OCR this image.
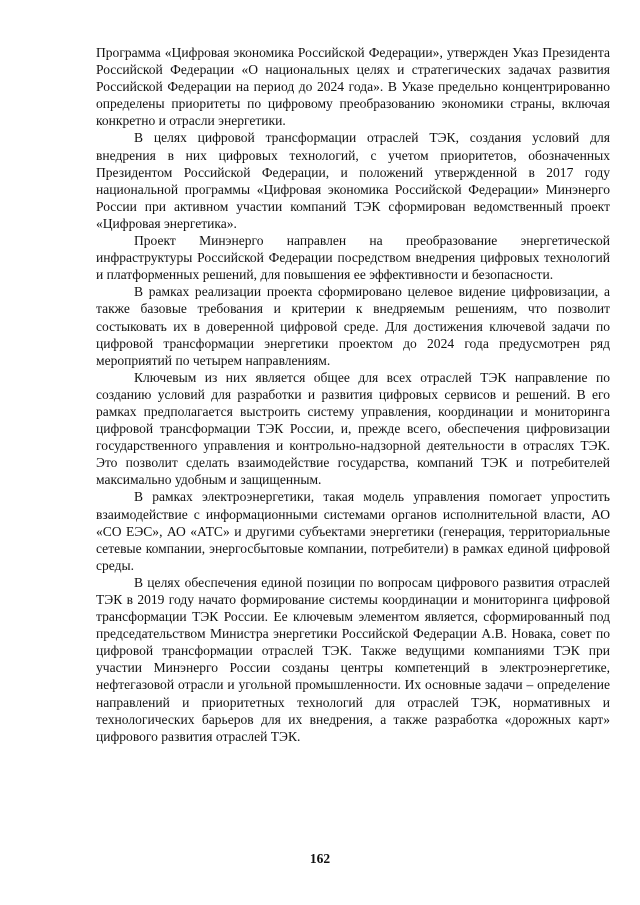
Программа «Цифровая экономика Российской Федерации», утвержден Указ Президента Российской Федерации «О национальных целях и стратегических задачах развития Российской Федерации на период до 2024 года». В Указе предельно концентрированно определены приоритеты по цифровому преобразованию экономики страны, включая конкретно и отрасли энергетики.

В целях цифровой трансформации отраслей ТЭК, создания условий для внедрения в них цифровых технологий, с учетом приоритетов, обозначенных Президентом Российской Федерации, и положений утвержденной в 2017 году национальной программы «Цифровая экономика Российской Федерации» Минэнерго России при активном участии компаний ТЭК сформирован ведомственный проект «Цифровая энергетика».

Проект Минэнерго направлен на преобразование энергетической инфраструктуры Российской Федерации посредством внедрения цифровых технологий и платформенных решений, для повышения ее эффективности и безопасности.

В рамках реализации проекта сформировано целевое видение цифровизации, а также базовые требования и критерии к внедряемым решениям, что позволит состыковать их в доверенной цифровой среде. Для достижения ключевой задачи по цифровой трансформации энергетики проектом до 2024 года предусмотрен ряд мероприятий по четырем направлениям.

Ключевым из них является общее для всех отраслей ТЭК направление по созданию условий для разработки и развития цифровых сервисов и решений. В его рамках предполагается выстроить систему управления, координации и мониторинга цифровой трансформации ТЭК России, и, прежде всего, обеспечения цифровизации государственного управления и контрольно-надзорной деятельности в отраслях ТЭК. Это позволит сделать взаимодействие государства, компаний ТЭК и потребителей максимально удобным и защищенным.

В рамках электроэнергетики, такая модель управления помогает упростить взаимодействие с информационными системами органов исполнительной власти, АО «СО ЕЭС», АО «АТС» и другими субъектами энергетики (генерация, территориальные сетевые компании, энергосбытовые компании, потребители) в рамках единой цифровой среды.

В целях обеспечения единой позиции по вопросам цифрового развития отраслей ТЭК в 2019 году начато формирование системы координации и мониторинга цифровой трансформации ТЭК России. Ее ключевым элементом является, сформированный под председательством Министра энергетики Российской Федерации А.В. Новака, совет по цифровой трансформации отраслей ТЭК. Также ведущими компаниями ТЭК при участии Минэнерго России созданы центры компетенций в электроэнергетике, нефтегазовой отрасли и угольной промышленности. Их основные задачи – определение направлений и приоритетных технологий для отраслей ТЭК, нормативных и технологических барьеров для их внедрения, а также разработка «дорожных карт» цифрового развития отраслей ТЭК.

162
